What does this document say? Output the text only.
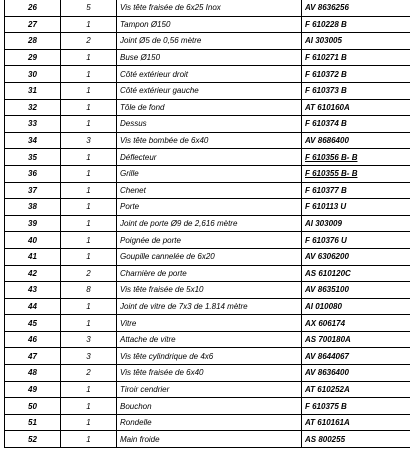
26	5	Vis tête fraisée de 6x25 Inox	AV 8636256
27	1	Tampon Ø150	F 610228 B
28	2	Joint Ø5 de 0,56 mètre	AI 303005
29	1	Buse Ø150	F 610271 B
30	1	Côté extérieur droit	F 610372 B
31	1	Côté extérieur gauche	F 610373 B
32	1	Tôle de fond	AT 610160A
33	1	Dessus	F 610374 B
34	3	Vis tête bombée de 6x40	AV 8686400
35	1	Déflecteur	F 610356 B- B
36	1	Grille	F 610355 B- B
37	1	Chenet	F 610377 B
38	1	Porte	F 610113 U
39	1	Joint de porte Ø9 de 2,616 mètre	AI 303009
40	1	Poignée de porte	F 610376 U
41	1	Goupille cannelée de 6x20	AV 6306200
42	2	Charnière de porte	AS 610120C
43	8	Vis tête fraisée de 5x10	AV 8635100
44	1	Joint de vitre de 7x3 de 1.814 mètre	AI 010080
45	1	Vitre	AX 606174
46	3	Attache de vitre	AS 700180A
47	3	Vis tête cylindrique de 4x6	AV 8644067
48	2	Vis tête fraisée de 6x40	AV 8636400
49	1	Tiroir cendrier	AT 610252A
50	1	Bouchon	F 610375 B
51	1	Rondelle	AT 610161A
52	1	Main froide	AS 800255
